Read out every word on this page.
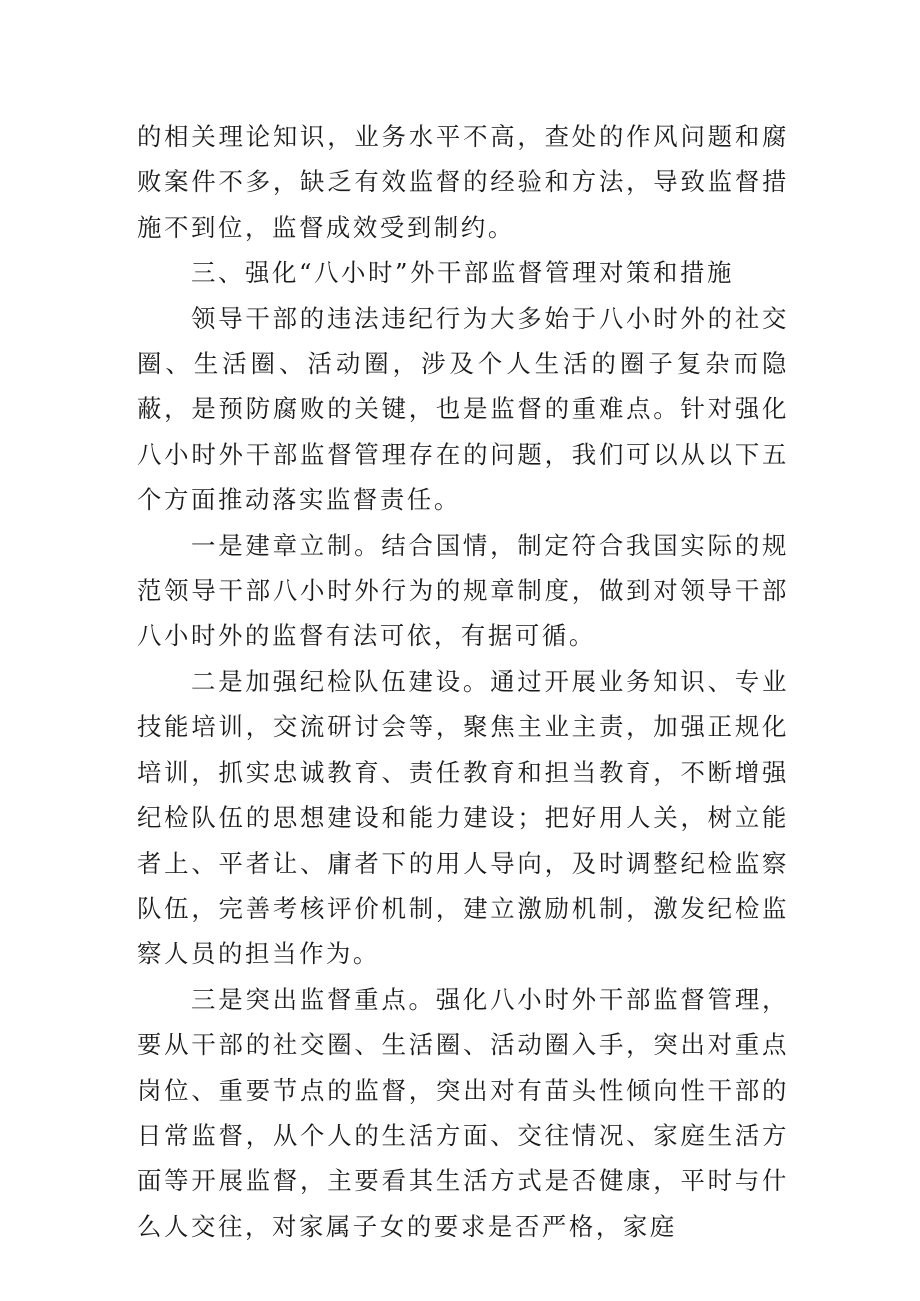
的相关理论知识，业务水平不高，查处的作风问题和腐败案件不多，缺乏有效监督的经验和方法，导致监督措施不到位，监督成效受到制约。

三、强化“八小时”外干部监督管理对策和措施

领导干部的违法违纪行为大多始于八小时外的社交圈、生活圈、活动圈，涉及个人生活的圈子复杂而隐蔽，是预防腐败的关键，也是监督的重难点。针对强化八小时外干部监督管理存在的问题，我们可以从以下五个方面推动落实监督责任。

一是建章立制。结合国情，制定符合我国实际的规范领导干部八小时外行为的规章制度，做到对领导干部八小时外的监督有法可依，有据可循。

二是加强纪检队伍建设。通过开展业务知识、专业技能培训，交流研讨会等，聚焦主业主责，加强正规化培训，抓实忠诚教育、责任教育和担当教育，不断增强纪检队伍的思想建设和能力建设；把好用人关，树立能者上、平者让、庸者下的用人导向，及时调整纪检监察队伍，完善考核评价机制，建立激励机制，激发纪检监察人员的担当作为。

三是突出监督重点。强化八小时外干部监督管理，要从干部的社交圈、生活圈、活动圈入手，突出对重点岗位、重要节点的监督，突出对有苗头性倾向性干部的日常监督，从个人的生活方面、交往情况、家庭生活方面等开展监督，主要看其生活方式是否健康，平时与什么人交往，对家属子女的要求是否严格，家庭
